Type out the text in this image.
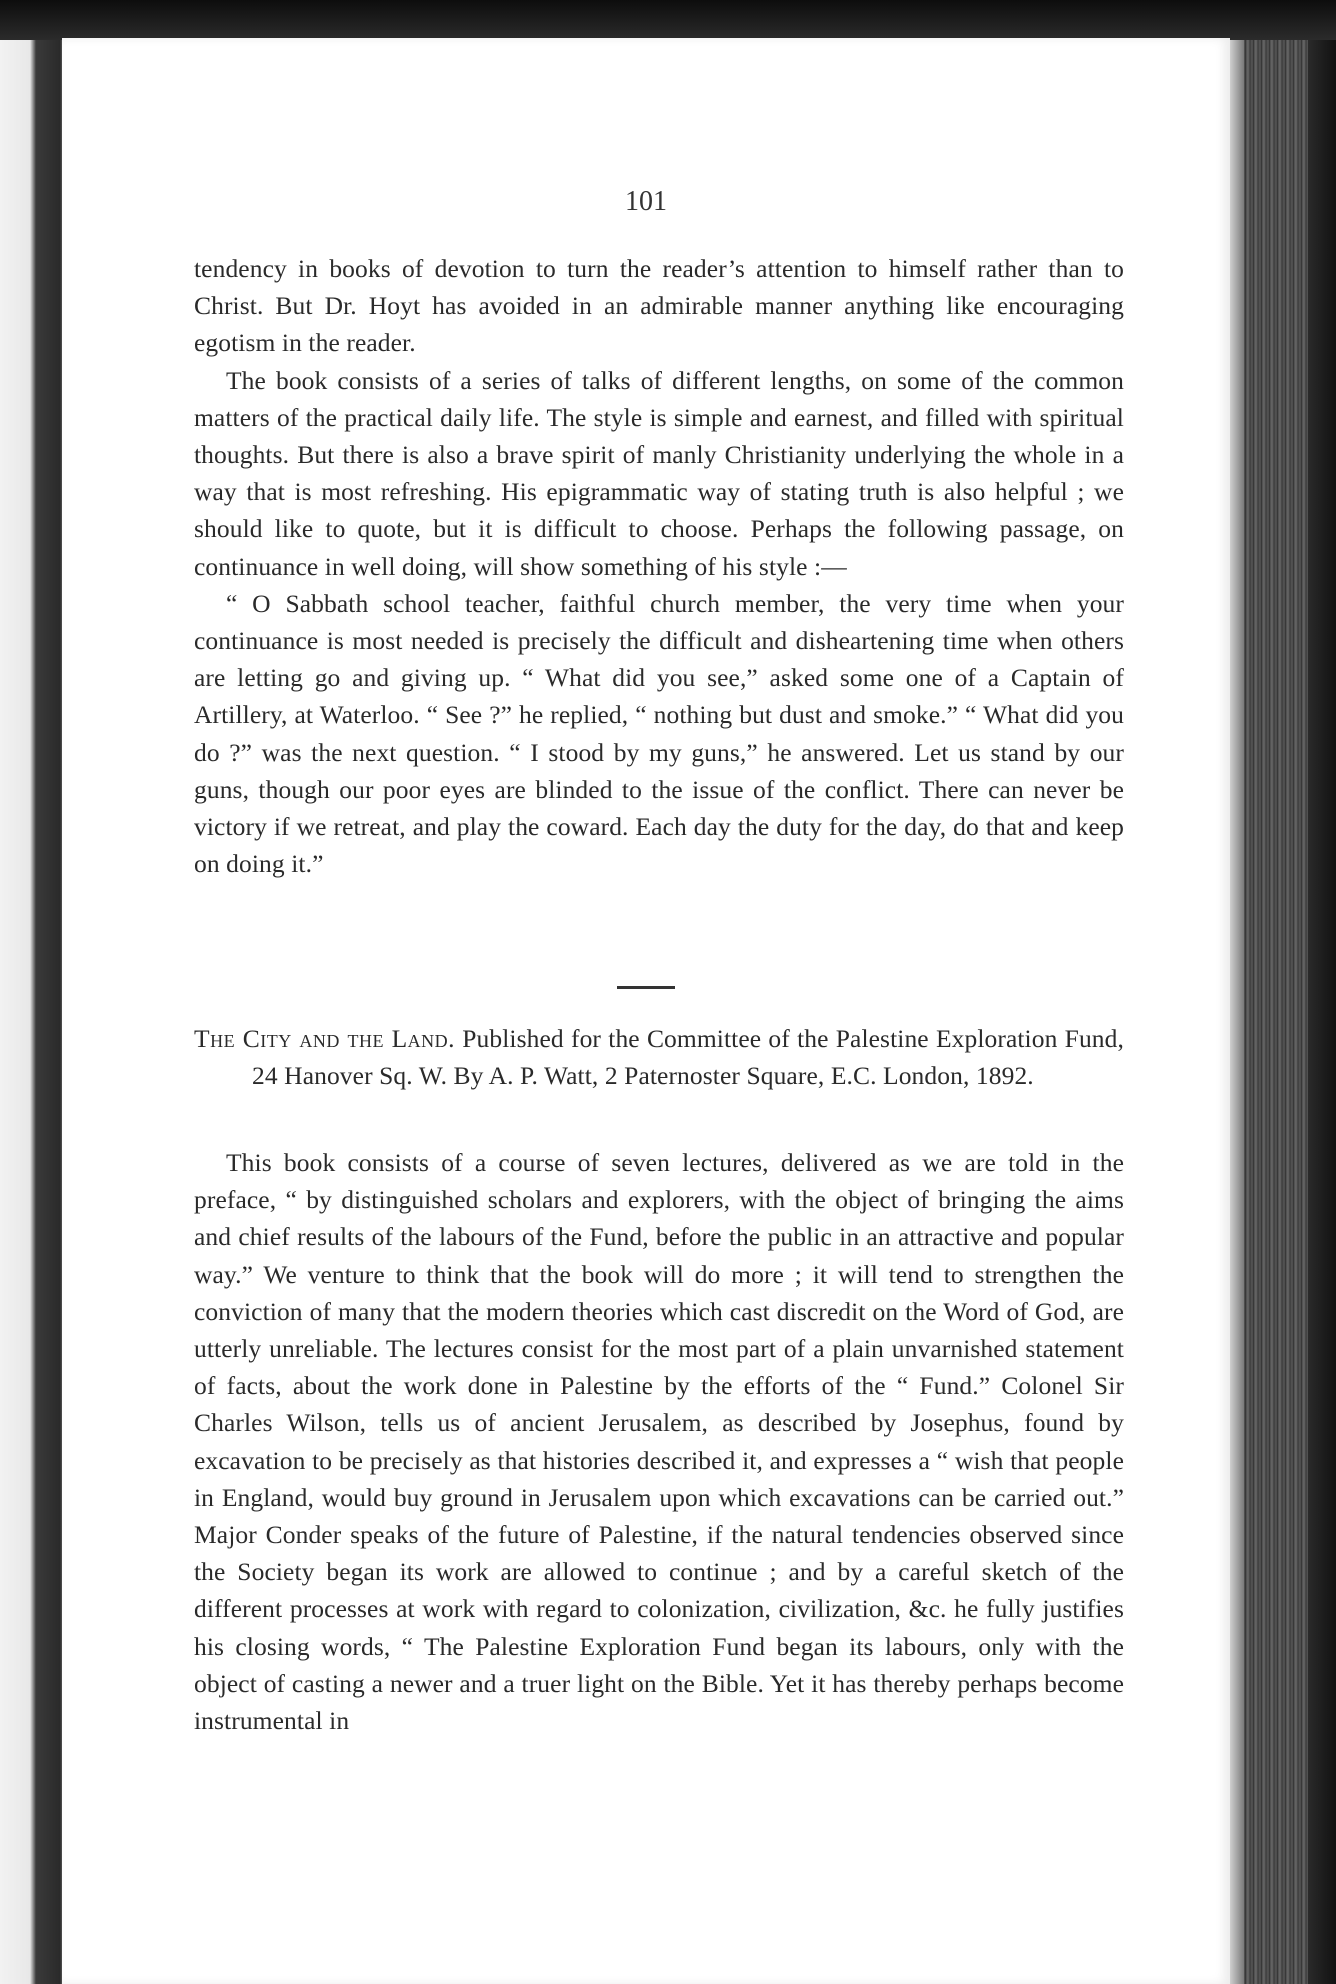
101

tendency in books of devotion to turn the reader’s attention to himself rather than to Christ. But Dr. Hoyt has avoided in an admirable manner anything like encouraging egotism in the reader.

The book consists of a series of talks of different lengths, on some of the common matters of the practical daily life. The style is simple and earnest, and filled with spiritual thoughts. But there is also a brave spirit of manly Christianity underlying the whole in a way that is most refreshing. His epigrammatic way of stating truth is also helpful ; we should like to quote, but it is difficult to choose. Perhaps the following passage, on continuance in well doing, will show something of his style :—

“ O Sabbath school teacher, faithful church member, the very time when your continuance is most needed is precisely the difficult and disheartening time when others are letting go and giving up. “ What did you see,” asked some one of a Captain of Artillery, at Waterloo. “ See ?” he replied, “ nothing but dust and smoke.” “ What did you do ?” was the next question. “ I stood by my guns,” he answered. Let us stand by our guns, though our poor eyes are blinded to the issue of the conflict. There can never be victory if we retreat, and play the coward. Each day the duty for the day, do that and keep on doing it.”

The City and the Land. Published for the Committee of the Palestine Exploration Fund, 24 Hanover Sq. W. By A. P. Watt, 2 Paternoster Square, E.C. London, 1892.

This book consists of a course of seven lectures, delivered as we are told in the preface, “ by distinguished scholars and explorers, with the object of bringing the aims and chief results of the labours of the Fund, before the public in an attractive and popular way.” We venture to think that the book will do more ; it will tend to strengthen the conviction of many that the modern theories which cast discredit on the Word of God, are utterly unreliable. The lectures consist for the most part of a plain unvarnished statement of facts, about the work done in Palestine by the efforts of the “ Fund.” Colonel Sir Charles Wilson, tells us of ancient Jerusalem, as described by Josephus, found by excavation to be precisely as that histories described it, and expresses a “ wish that people in England, would buy ground in Jerusalem upon which excavations can be carried out.” Major Conder speaks of the future of Palestine, if the natural tendencies observed since the Society began its work are allowed to continue ; and by a careful sketch of the different processes at work with regard to colonization, civilization, &c. he fully justifies his closing words, “ The Palestine Exploration Fund began its labours, only with the object of casting a newer and a truer light on the Bible. Yet it has thereby perhaps become instrumental in
